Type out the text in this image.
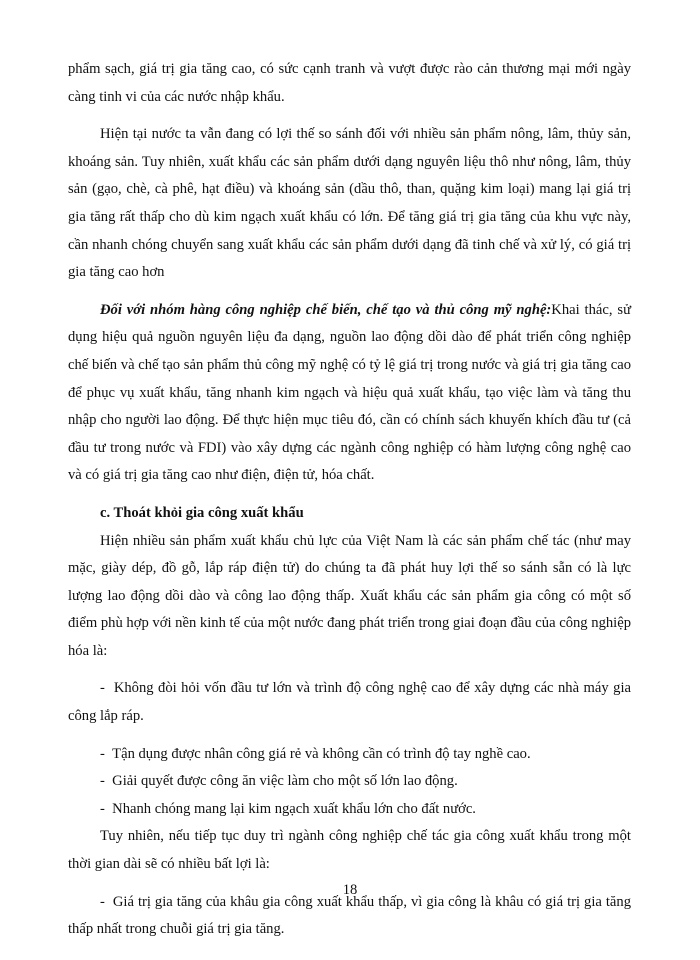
phẩm sạch, giá trị gia tăng cao, có sức cạnh tranh và vượt được rào cản thương mại mới ngày càng tinh vi của các nước nhập khẩu.

Hiện tại nước ta vẫn đang có lợi thế so sánh đối với nhiều sản phẩm nông, lâm, thủy sản, khoáng sản. Tuy nhiên, xuất khẩu các sản phẩm dưới dạng nguyên liệu thô như nông, lâm, thủy sản (gạo, chè, cà phê, hạt điều) và khoáng sản (dầu thô, than, quặng kim loại) mang lại giá trị gia tăng rất thấp cho dù kim ngạch xuất khẩu có lớn. Để tăng giá trị gia tăng của khu vực này, cần nhanh chóng chuyển sang xuất khẩu các sản phẩm dưới dạng đã tinh chế và xử lý, có giá trị gia tăng cao hơn

Đối với nhóm hàng công nghiệp chế biến, chế tạo và thủ công mỹ nghệ:Khai thác, sử dụng hiệu quả nguồn nguyên liệu đa dạng, nguồn lao động dồi dào để phát triển công nghiệp chế biến và chế tạo sản phẩm thủ công mỹ nghệ có tỷ lệ giá trị trong nước và giá trị gia tăng cao để phục vụ xuất khẩu, tăng nhanh kim ngạch và hiệu quả xuất khẩu, tạo việc làm và tăng thu nhập cho người lao động. Để thực hiện mục tiêu đó, cần có chính sách khuyến khích đầu tư (cả đầu tư trong nước và FDI) vào xây dựng các ngành công nghiệp có hàm lượng công nghệ cao và có giá trị gia tăng cao như điện, điện tử, hóa chất.

c. Thoát khỏi gia công xuất khẩu

Hiện nhiều sản phẩm xuất khẩu chủ lực của Việt Nam là các sản phẩm chế tác (như may mặc, giày dép, đồ gỗ, lắp ráp điện tử) do chúng ta đã phát huy lợi thế so sánh sẵn có là lực lượng lao động dồi dào và công lao động thấp. Xuất khẩu các sản phẩm gia công có một số điểm phù hợp với nền kinh tế của một nước đang phát triển trong giai đoạn đầu của công nghiệp hóa là:

- Không đòi hỏi vốn đầu tư lớn và trình độ công nghệ cao để xây dựng các nhà máy gia công lắp ráp.

- Tận dụng được nhân công giá rẻ và không cần có trình độ tay nghề cao.

- Giải quyết được công ăn việc làm cho một số lớn lao động.

- Nhanh chóng mang lại kim ngạch xuất khẩu lớn cho đất nước.

Tuy nhiên, nếu tiếp tục duy trì ngành công nghiệp chế tác gia công xuất khẩu trong một thời gian dài sẽ có nhiều bất lợi là:

- Giá trị gia tăng của khâu gia công xuất khẩu thấp, vì gia công là khâu có giá trị gia tăng thấp nhất trong chuỗi giá trị gia tăng.

18
